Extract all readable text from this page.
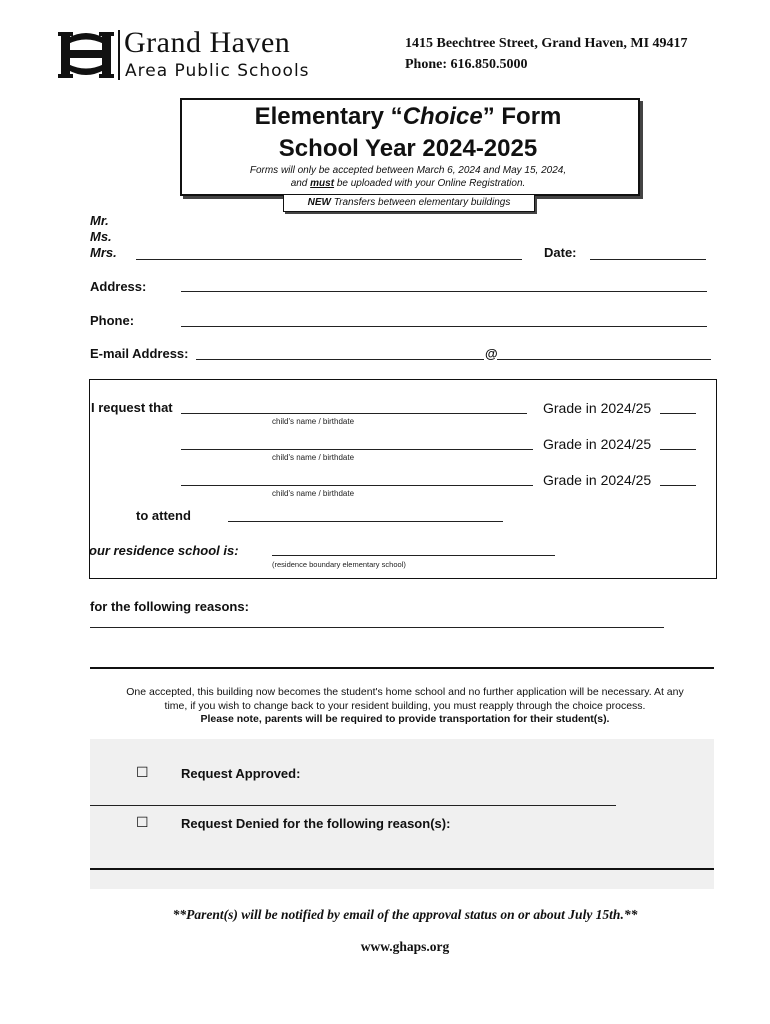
Grand Haven
Area Public Schools
1415 Beechtree Street, Grand Haven, MI 49417
Phone: 616.850.5000
Elementary “Choice” Form
School Year 2024-2025
Forms will only be accepted between March 6, 2024 and May 15, 2024,
and must be uploaded with your Online Registration.
NEW Transfers between elementary buildings
Mr.
Ms.
Mrs.	Date:
Address:
Phone:
E-mail Address:	@
I request that
child's name / birthdate
Grade in 2024/25
child's name / birthdate
Grade in 2024/25
child's name / birthdate
Grade in 2024/25
to attend
our residence school is:
(residence boundary elementary school)
for the following reasons:
One accepted, this building now becomes the student's home school and no further application will be necessary. At any
time, if you wish to change back to your resident building, you must reapply through the choice process.
Please note, parents will be required to provide transportation for their student(s).
☐ Request Approved:
☐ Request Denied for the following reason(s):
**Parent(s) will be notified by email of the approval status on or about July 15th.**
www.ghaps.org
